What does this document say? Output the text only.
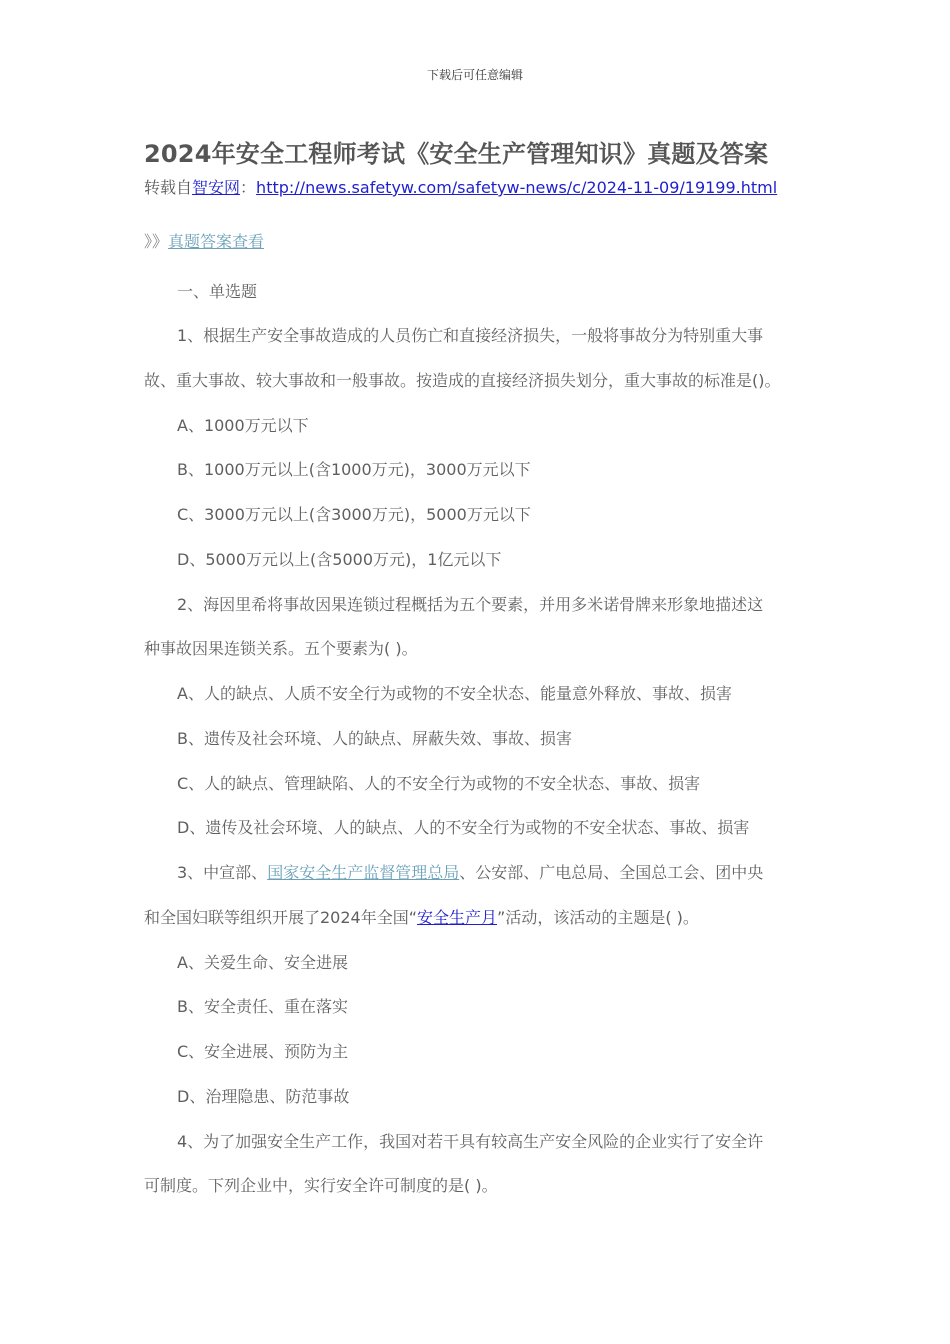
下载后可任意编辑
2024年安全工程师考试《安全生产管理知识》真题及答案
转载自智安网：http://news.safetyw.com/safetyw-news/c/2024-11-09/19199.html
》》真题答案查看
一、单选题
1、根据生产安全事故造成的人员伤亡和直接经济损失，一般将事故分为特别重大事
故、重大事故、较大事故和一般事故。按造成的直接经济损失划分，重大事故的标准是()。
A、1000万元以下
B、1000万元以上(含1000万元)，3000万元以下
C、3000万元以上(含3000万元)，5000万元以下
D、5000万元以上(含5000万元)，1亿元以下
2、海因里希将事故因果连锁过程概括为五个要素，并用多米诺骨牌来形象地描述这
种事故因果连锁关系。五个要素为( )。
A、人的缺点、人质不安全行为或物的不安全状态、能量意外释放、事故、损害
B、遗传及社会环境、人的缺点、屏蔽失效、事故、损害
C、人的缺点、管理缺陷、人的不安全行为或物的不安全状态、事故、损害
D、遗传及社会环境、人的缺点、人的不安全行为或物的不安全状态、事故、损害
3、中宣部、国家安全生产监督管理总局、公安部、广电总局、全国总工会、团中央
和全国妇联等组织开展了2024年全国“安全生产月”活动，该活动的主题是( )。
A、关爱生命、安全进展
B、安全责任、重在落实
C、安全进展、预防为主
D、治理隐患、防范事故
4、为了加强安全生产工作，我国对若干具有较高生产安全风险的企业实行了安全许
可制度。下列企业中，实行安全许可制度的是( )。
